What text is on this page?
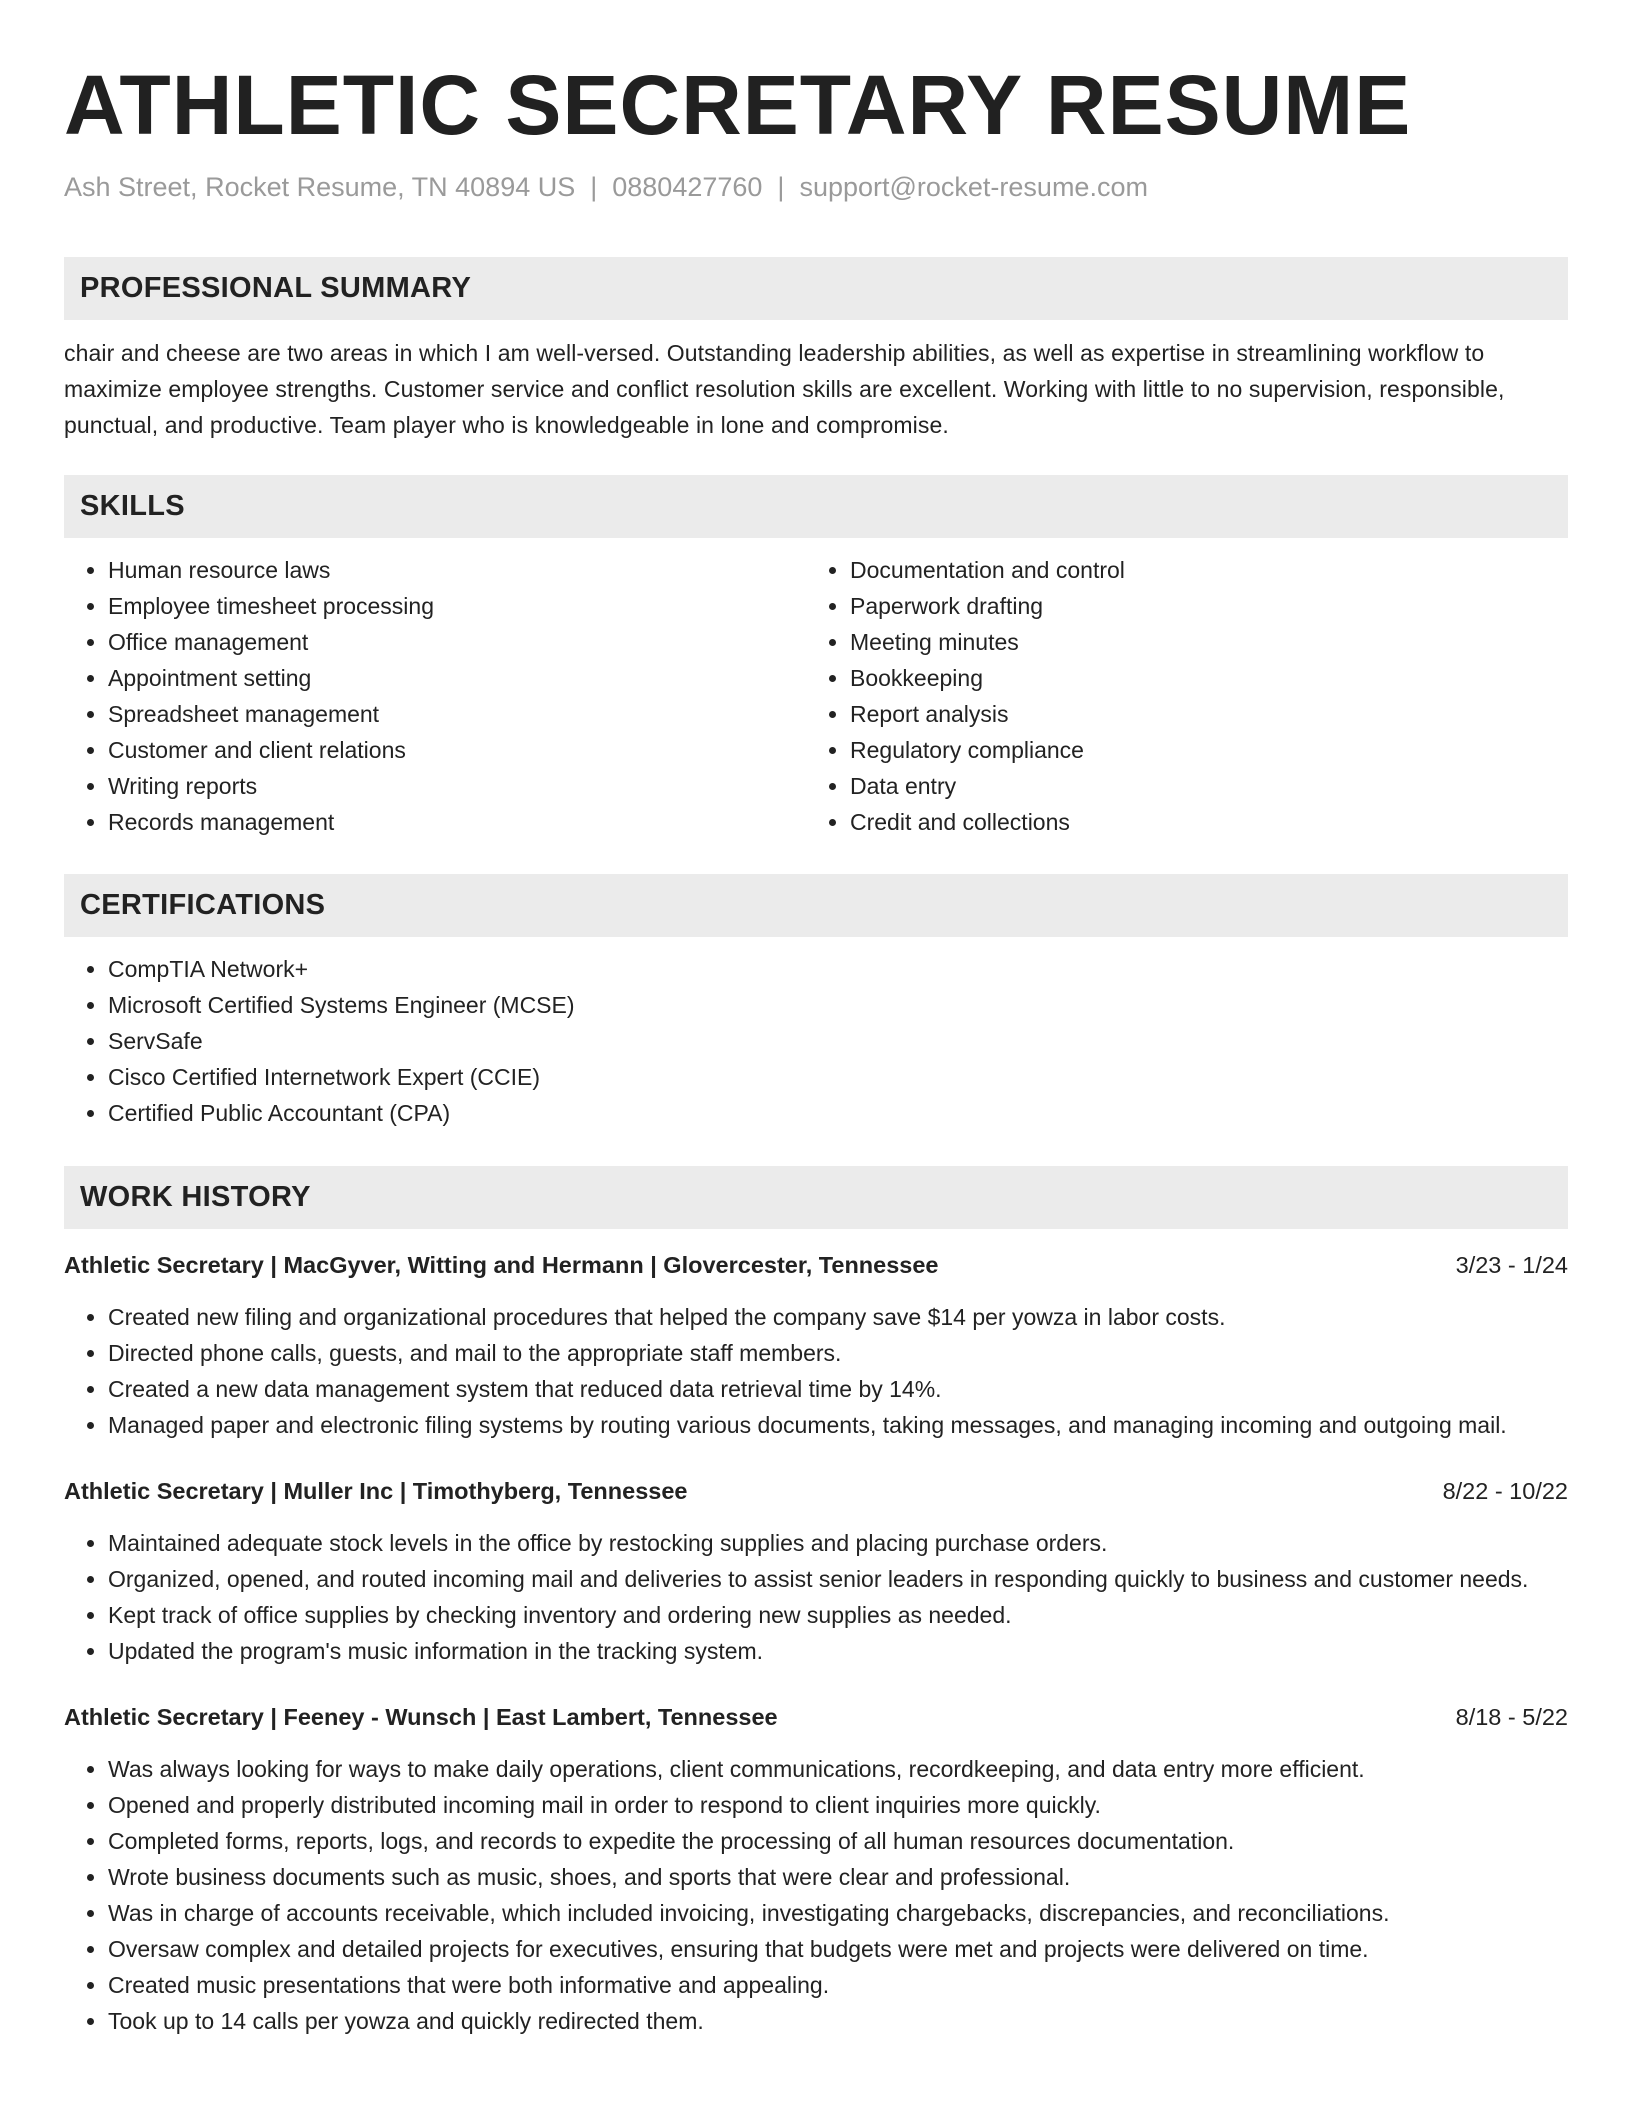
ATHLETIC SECRETARY RESUME
Ash Street, Rocket Resume, TN 40894 US | 0880427760 | support@rocket-resume.com
PROFESSIONAL SUMMARY

chair and cheese are two areas in which I am well-versed. Outstanding leadership abilities, as well as expertise in streamlining workflow to maximize employee strengths. Customer service and conflict resolution skills are excellent. Working with little to no supervision, responsible, punctual, and productive. Team player who is knowledgeable in lone and compromise.

SKILLS
• Human resource laws
• Employee timesheet processing
• Office management
• Appointment setting
• Spreadsheet management
• Customer and client relations
• Writing reports
• Records management
• Documentation and control
• Paperwork drafting
• Meeting minutes
• Bookkeeping
• Report analysis
• Regulatory compliance
• Data entry
• Credit and collections
CERTIFICATIONS
• CompTIA Network+
• Microsoft Certified Systems Engineer (MCSE)
• ServSafe
• Cisco Certified Internetwork Expert (CCIE)
• Certified Public Accountant (CPA)
WORK HISTORY
Athletic Secretary | MacGyver, Witting and Hermann | Glovercester, Tennessee	3/23 - 1/24
• Created new filing and organizational procedures that helped the company save $14 per yowza in labor costs.
• Directed phone calls, guests, and mail to the appropriate staff members.
• Created a new data management system that reduced data retrieval time by 14%.
• Managed paper and electronic filing systems by routing various documents, taking messages, and managing incoming and outgoing mail.
Athletic Secretary | Muller Inc | Timothyberg, Tennessee	8/22 - 10/22
• Maintained adequate stock levels in the office by restocking supplies and placing purchase orders.
• Organized, opened, and routed incoming mail and deliveries to assist senior leaders in responding quickly to business and customer needs.
• Kept track of office supplies by checking inventory and ordering new supplies as needed.
• Updated the program's music information in the tracking system.
Athletic Secretary | Feeney - Wunsch | East Lambert, Tennessee	8/18 - 5/22
• Was always looking for ways to make daily operations, client communications, recordkeeping, and data entry more efficient.
• Opened and properly distributed incoming mail in order to respond to client inquiries more quickly.
• Completed forms, reports, logs, and records to expedite the processing of all human resources documentation.
• Wrote business documents such as music, shoes, and sports that were clear and professional.
• Was in charge of accounts receivable, which included invoicing, investigating chargebacks, discrepancies, and reconciliations.
• Oversaw complex and detailed projects for executives, ensuring that budgets were met and projects were delivered on time.
• Created music presentations that were both informative and appealing.
• Took up to 14 calls per yowza and quickly redirected them.
